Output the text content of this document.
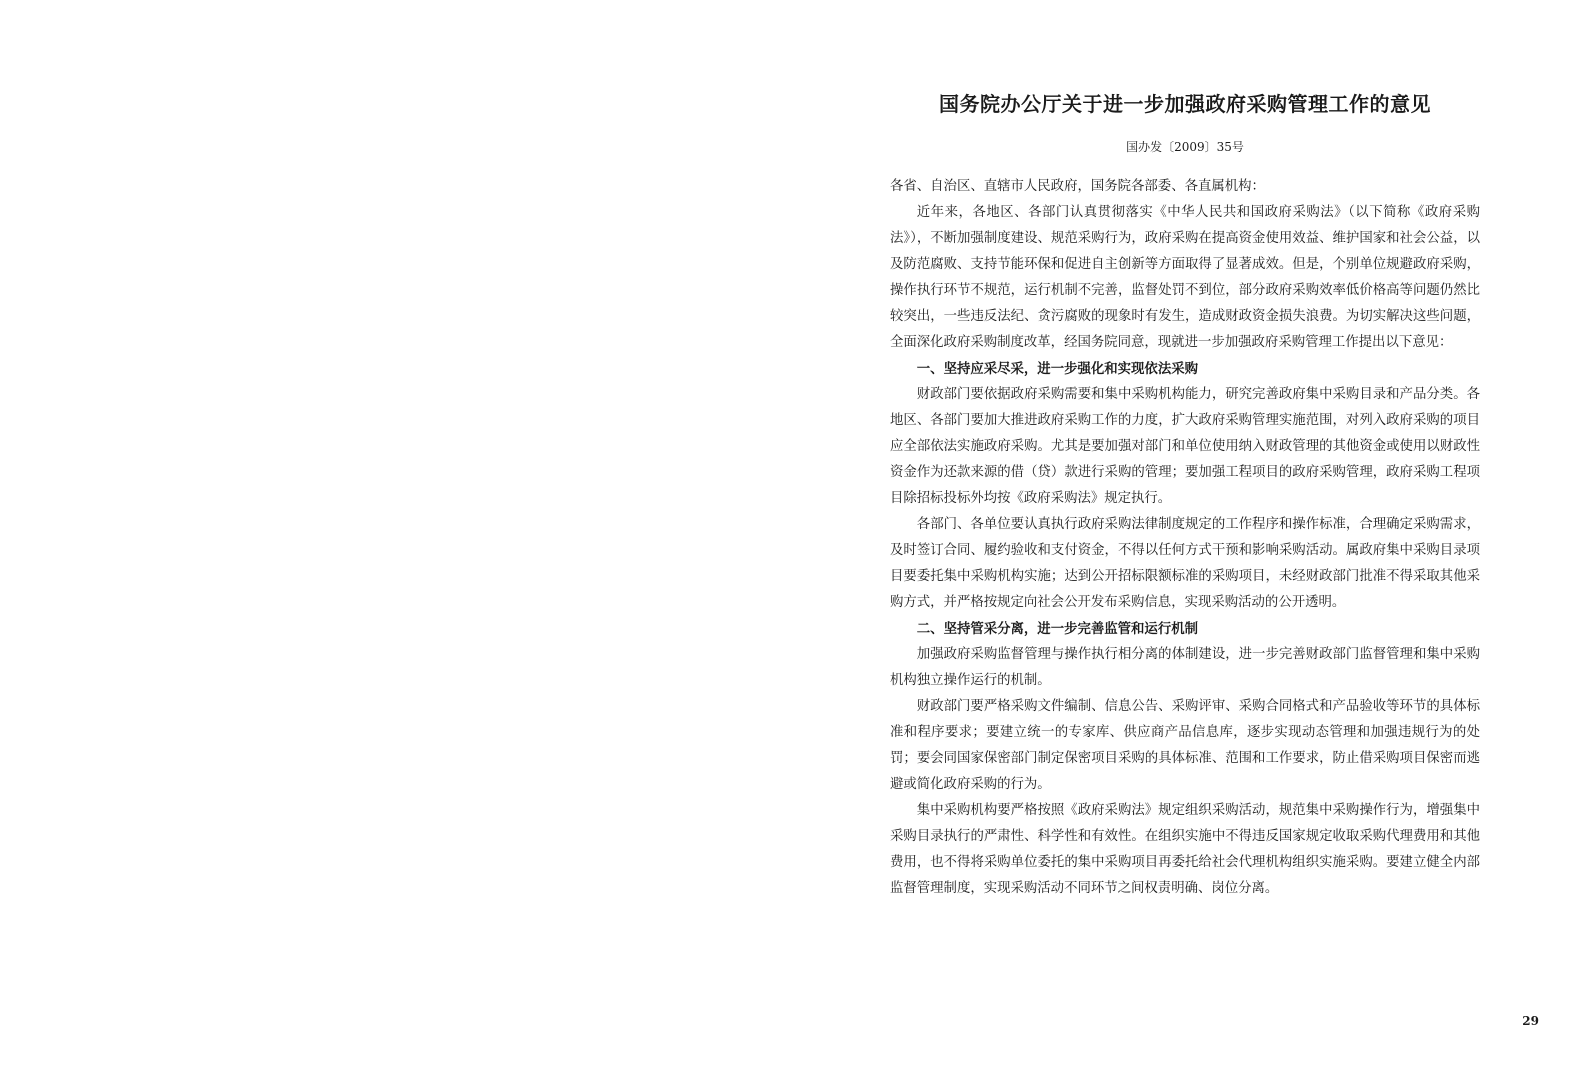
国务院办公厅关于进一步加强政府采购管理工作的意见
国办发〔2009〕35号

各省、自治区、直辖市人民政府，国务院各部委、各直属机构：

近年来，各地区、各部门认真贯彻落实《中华人民共和国政府采购法》（以下简称《政府采购法》），不断加强制度建设、规范采购行为，政府采购在提高资金使用效益、维护国家和社会公益，以及防范腐败、支持节能环保和促进自主创新等方面取得了显著成效。但是，个别单位规避政府采购，操作执行环节不规范，运行机制不完善，监督处罚不到位，部分政府采购效率低价格高等问题仍然比较突出，一些违反法纪、贪污腐败的现象时有发生，造成财政资金损失浪费。为切实解决这些问题，全面深化政府采购制度改革，经国务院同意，现就进一步加强政府采购管理工作提出以下意见：

一、坚持应采尽采，进一步强化和实现依法采购

财政部门要依据政府采购需要和集中采购机构能力，研究完善政府集中采购目录和产品分类。各地区、各部门要加大推进政府采购工作的力度，扩大政府采购管理实施范围，对列入政府采购的项目应全部依法实施政府采购。尤其是要加强对部门和单位使用纳入财政管理的其他资金或使用以财政性资金作为还款来源的借（贷）款进行采购的管理；要加强工程项目的政府采购管理，政府采购工程项目除招标投标外均按《政府采购法》规定执行。

各部门、各单位要认真执行政府采购法律制度规定的工作程序和操作标准，合理确定采购需求，及时签订合同、履约验收和支付资金，不得以任何方式干预和影响采购活动。属政府集中采购目录项目要委托集中采购机构实施；达到公开招标限额标准的采购项目，未经财政部门批准不得采取其他采购方式，并严格按规定向社会公开发布采购信息，实现采购活动的公开透明。

二、坚持管采分离，进一步完善监管和运行机制

加强政府采购监督管理与操作执行相分离的体制建设，进一步完善财政部门监督管理和集中采购机构独立操作运行的机制。

财政部门要严格采购文件编制、信息公告、采购评审、采购合同格式和产品验收等环节的具体标准和程序要求；要建立统一的专家库、供应商产品信息库，逐步实现动态管理和加强违规行为的处罚；要会同国家保密部门制定保密项目采购的具体标准、范围和工作要求，防止借采购项目保密而逃避或简化政府采购的行为。

集中采购机构要严格按照《政府采购法》规定组织采购活动，规范集中采购操作行为，增强集中采购目录执行的严肃性、科学性和有效性。在组织实施中不得违反国家规定收取采购代理费用和其他费用，也不得将采购单位委托的集中采购项目再委托给社会代理机构组织实施采购。要建立健全内部监督管理制度，实现采购活动不同环节之间权责明确、岗位分离。

29
